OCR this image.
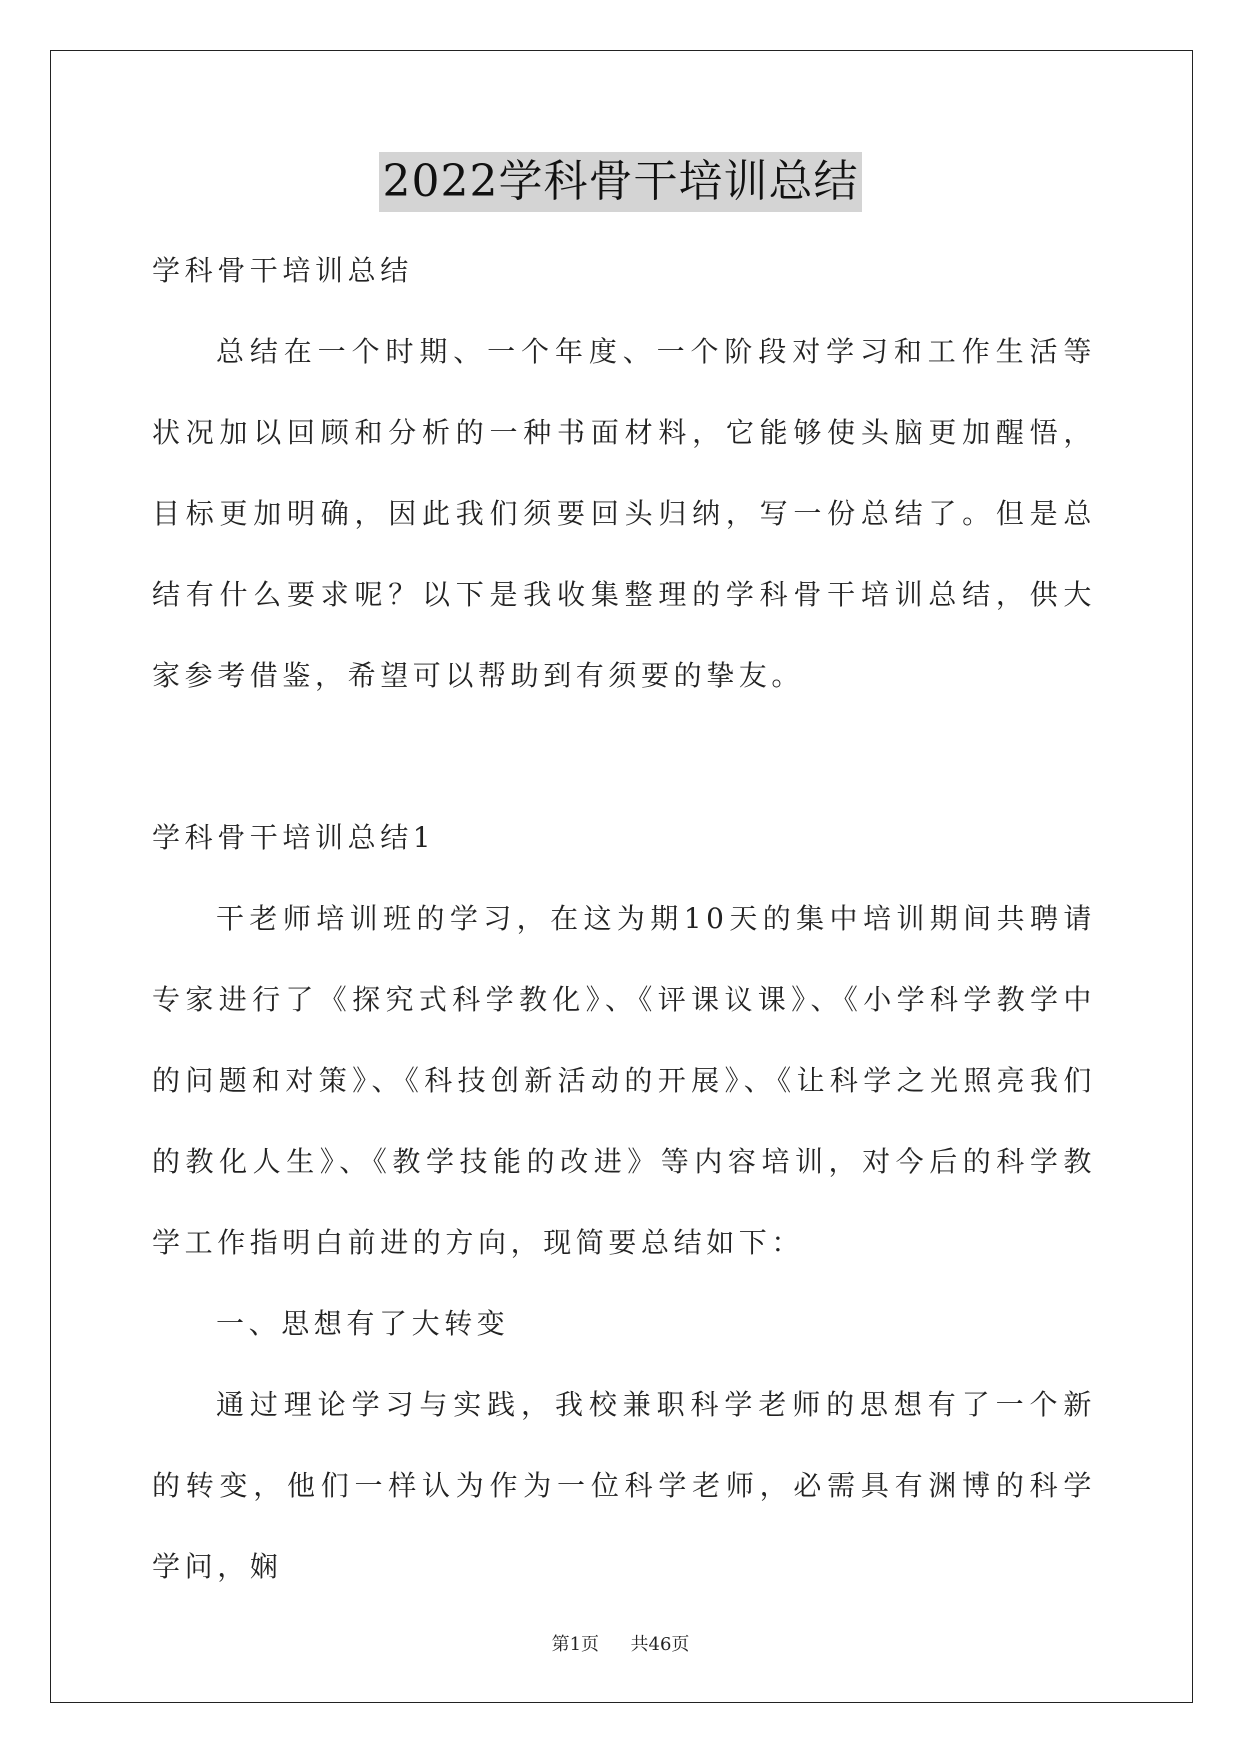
2022学科骨干培训总结

学科骨干培训总结

总结在一个时期、一个年度、一个阶段对学习和工作生活等状况加以回顾和分析的一种书面材料，它能够使头脑更加醒悟，目标更加明确，因此我们须要回头归纳，写一份总结了。但是总结有什么要求呢？以下是我收集整理的学科骨干培训总结，供大家参考借鉴，希望可以帮助到有须要的挚友。

学科骨干培训总结1

干老师培训班的学习，在这为期10天的集中培训期间共聘请专家进行了《探究式科学教化》、《评课议课》、《小学科学教学中的问题和对策》、《科技创新活动的开展》、《让科学之光照亮我们的教化人生》、《教学技能的改进》等内容培训，对今后的科学教学工作指明白前进的方向，现简要总结如下：

一、思想有了大转变

通过理论学习与实践，我校兼职科学老师的思想有了一个新的转变，他们一样认为作为一位科学老师，必需具有渊博的科学学问，娴

第1页 共46页
